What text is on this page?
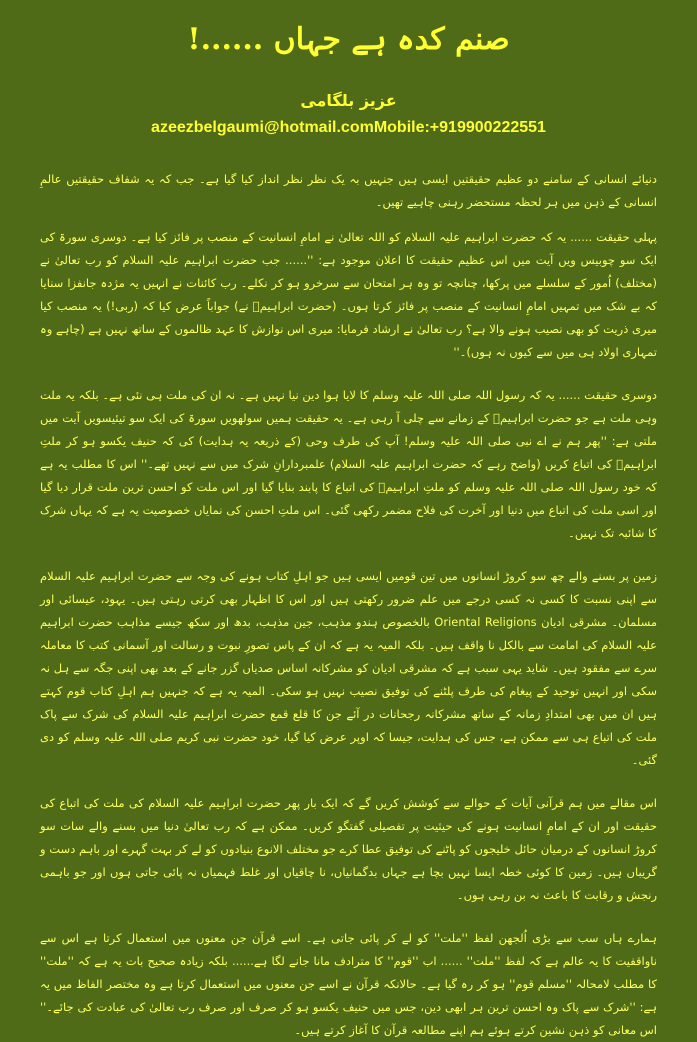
صنم کدہ ہے جہاں ......!
عزیز بلگامی
azeezbelgaumi@hotmail.comMobile:+919900222551
دنیائے انسانی کے سامنے دو عظیم حقیقتیں ایسی ہیں جنہیں بہ یک نظر نظر انداز کیا گیا ہے۔ جب کہ یہ شفاف حقیقتیں عالمِ انسانی کے ذہن میں ہر لحظہ مستحضر رہنی چاہیے تھیں۔
پہلی حقیقت ...... یہ کہ حضرت ابراہیم علیہ السلام کو اللہ تعالیٰ نے امامِ انسانیت کے منصب پر فائز کیا ہے۔ دوسری سورۃ کی ایک سو چوبیس ویں آیت میں اس عظیم حقیقت کا اعلان موجود ہے: ''...... جب حضرت ابراہیم علیہ السلام کو رب تعالیٰ نے (مختلف) اُمور کے سلسلے میں پرکھا، چنانچہ تو وہ ہر امتحان سے سرخرو ہو کر نکلے۔ رب کائنات نے انہیں یہ مژدہ جانفزا سنایا کہ بے شک میں تمہیں امامِ انسانیت کے منصب پر فائز کرتا ہوں۔ (حضرت ابراہیمؑ نے) جواباً عرض کیا کہ (ربی!) یہ منصب کیا میری ذریت کو بھی نصیب ہونے والا ہے؟ رب تعالیٰ نے ارشاد فرمایا: میری اس نوازش کا عہد ظالموں کے ساتھ نہیں ہے (چاہے وہ تمہاری اولاد ہی میں سے کیوں نہ ہوں)۔''
دوسری حقیقت ...... یہ کہ رسول اللہ صلی اللہ علیہ وسلم کا لایا ہوا دین نیا نہیں ہے۔ نہ ان کی ملت ہی نئی ہے۔ بلکہ یہ ملت وہی ملت ہے جو حضرت ابراہیمؑ کے زمانے سے چلی آ رہی ہے۔ یہ حقیقت ہمیں سولھویں سورۃ کی ایک سو تیئیسویں آیت میں ملتی ہے: ''پھر ہم نے اے نبی صلی اللہ علیہ وسلم! آپ کی طرف وحی (کے ذریعہ یہ ہدایت) کی کہ حنیف یکسو ہو کر ملتِ ابراہیمؑ کی اتباع کریں (واضح رہے کہ حضرت ابراہیم علیہ السلام) علمبردارانِ شرک میں سے نہیں تھے۔'' اس کا مطلب یہ ہے کہ خود رسول اللہ صلی اللہ علیہ وسلم کو ملتِ ابراہیمؑ کی اتباع کا پابند بنایا گیا اور اس ملت کو احسن ترین ملت قرار دیا گیا اور اسی ملت کی اتباع میں دنیا اور آخرت کی فلاح مضمر رکھی گئی۔ اس ملتِ احسن کی نمایاں خصوصیت یہ ہے کہ یہاں شرک کا شائبہ تک نہیں۔
زمین پر بسنے والے چھ سو کروڑ انسانوں میں تین قومیں ایسی ہیں جو اہلِ کتاب ہونے کی وجہ سے حضرت ابراہیم علیہ السلام سے اپنی نسبت کا کسی نہ کسی درجے میں علم ضرور رکھتی ہیں اور اس کا اظہار بھی کرتی رہتی ہیں۔ یہود، عیسائی اور مسلمان۔ مشرقی ادیان Oriental Religions بالخصوص ہندو مذہب، جین مذہب، بدھ اور سکھ جیسے مذاہب حضرت ابراہیم علیہ السلام کی امامت سے بالکل نا واقف ہیں۔ بلکہ المیہ یہ ہے کہ ان کے پاس تصورِ نبوت و رسالت اور آسمانی کتب کا معاملہ سرے سے مفقود ہیں۔ شاید یہی سبب ہے کہ مشرقی ادیان کو مشرکانہ اساس صدیاں گزر جانے کے بعد بھی اپنی جگہ سے ہل نہ سکی اور انہیں توحید کے پیغام کی طرف پلٹنے کی توفیق نصیب نہیں ہو سکی۔ المیہ یہ ہے کہ جنہیں ہم اہلِ کتاب قوم کہتے ہیں ان میں بھی امتدادِ زمانہ کے ساتھ مشرکانہ رجحانات در آئے جن کا قلع قمع حضرت ابراہیم علیہ السلام کی شرک سے پاک ملت کی اتباع ہی سے ممکن ہے، جس کی ہدایت، جیسا کہ اوپر عرض کیا گیا، خود حضرت نبی کریم صلی اللہ علیہ وسلم کو دی گئی۔
اس مقالے میں ہم قرآنی آیات کے حوالے سے کوشش کریں گے کہ ایک بار پھر حضرت ابراہیم علیہ السلام کی ملت کی اتباع کی حقیقت اور ان کے امامِ انسانیت ہونے کی حیثیت پر تفصیلی گفتگو کریں۔ ممکن ہے کہ رب تعالیٰ دنیا میں بسنے والے سات سو کروڑ انسانوں کے درمیان حائل خلیجوں کو پاٹنے کی توفیق عطا کرے جو مختلف الانوع بنیادوں کو لے کر بہت گہرے اور باہم دست و گریباں ہیں۔ زمین کا کوئی خطہ ایسا نہیں بچا ہے جہاں بدگمانیاں، نا چاقیاں اور غلط فہمیاں نہ پائی جاتی ہوں اور جو باہمی رنجش و رقابت کا باعث نہ بن رہی ہوں۔
ہمارے ہاں سب سے بڑی اُلجھن لفظ ''ملت'' کو لے کر پائی جاتی ہے۔ اسے قرآن جن معنوں میں استعمال کرتا ہے اس سے ناواقفیت کا یہ عالم ہے کہ لفظ ''ملت'' ...... اب ''قوم'' کا مترادف مانا جانے لگا ہے...... بلکہ زیادہ صحیح بات یہ ہے کہ ''ملت'' کا مطلب لامحالہ ''مسلم قوم'' ہو کر رہ گیا ہے۔ حالانکہ قرآن نے اسے جن معنوں میں استعمال کرتا ہے وہ مختصر الفاظ میں یہ ہے: ''شرک سے پاک وہ احسن ترین ہر ابھی دین، جس میں حنیف یکسو ہو کر صرف اور صرف رب تعالیٰ کی عبادت کی جائے۔'' اس معانی کو ذہن نشین کرتے ہوئے ہم اپنے مطالعہ قرآن کا آغاز کرتے ہیں۔
